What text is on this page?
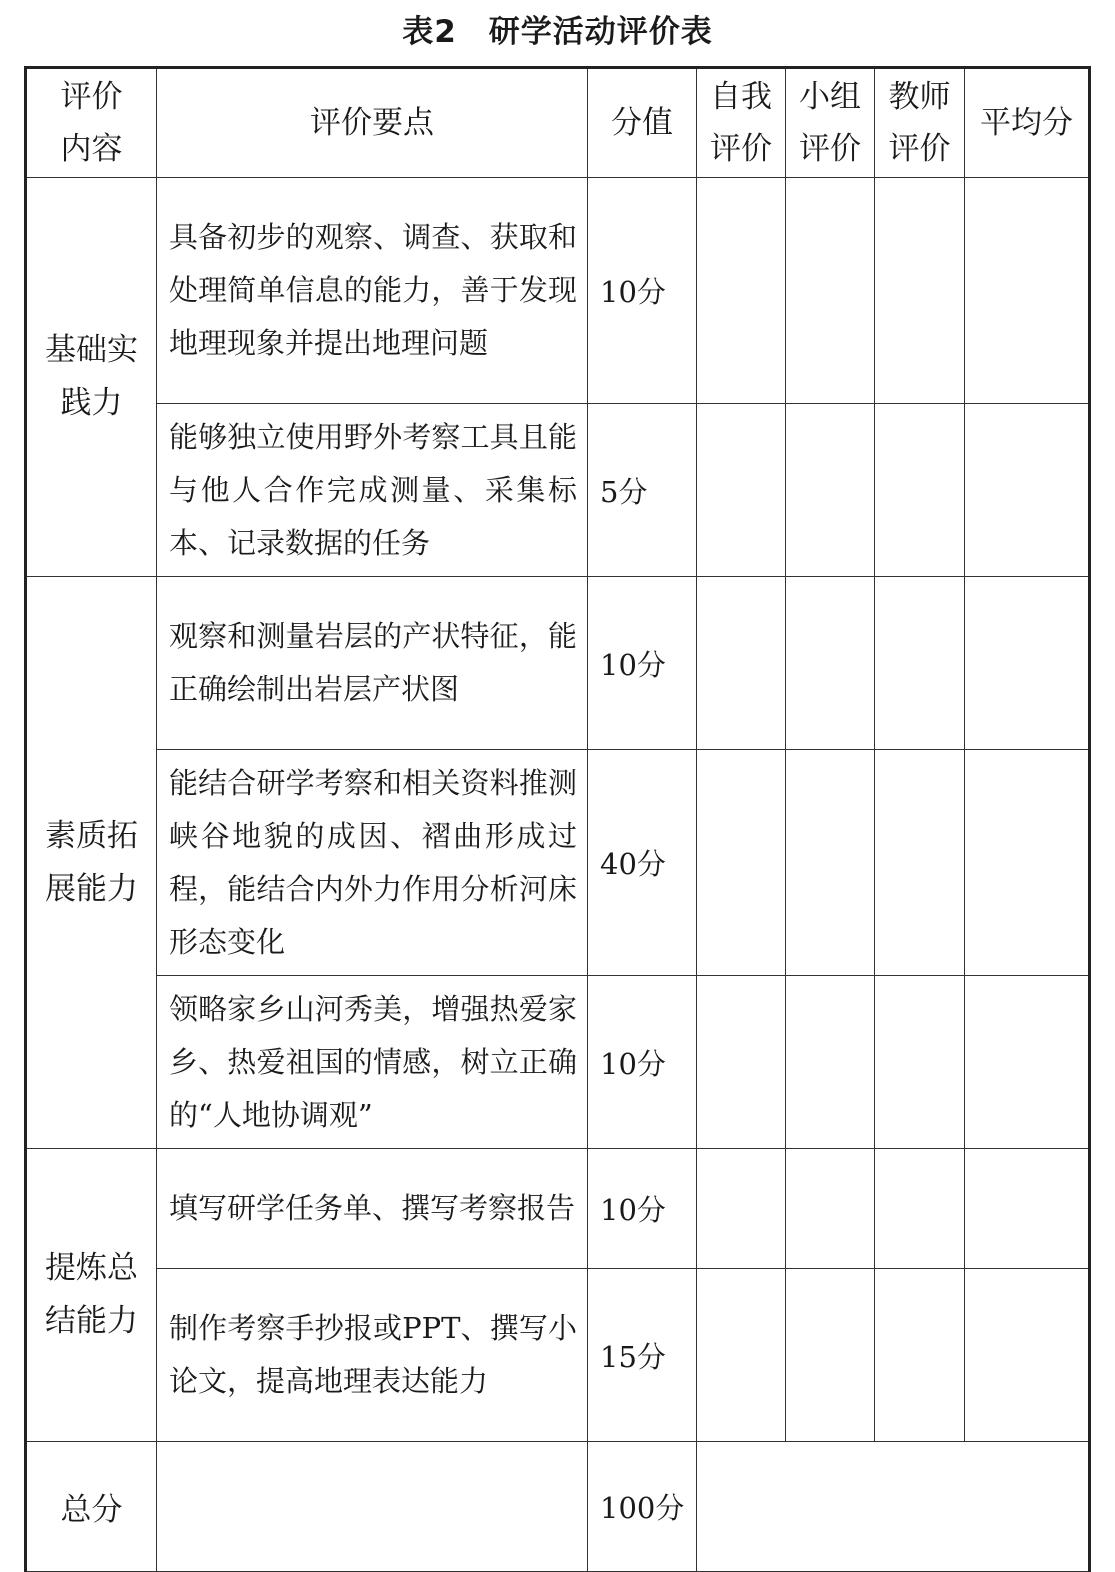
表2　研学活动评价表
评价内容	评价要点	分值	自我评价	小组评价	教师评价	平均分
基础实践力	具备初步的观察、调查、获取和处理简单信息的能力，善于发现地理现象并提出地理问题	10分				
	能够独立使用野外考察工具且能与他人合作完成测量、采集标本、记录数据的任务	5分				
素质拓展能力	观察和测量岩层的产状特征，能正确绘制出岩层产状图	10分				
	能结合研学考察和相关资料推测峡谷地貌的成因、褶曲形成过程，能结合内外力作用分析河床形态变化	40分				
	领略家乡山河秀美，增强热爱家乡、热爱祖国的情感，树立正确的“人地协调观”	10分				
提炼总结能力	填写研学任务单、撰写考察报告	10分				
	制作考察手抄报或PPT、撰写小论文，提高地理表达能力	15分				
总分		100分				
